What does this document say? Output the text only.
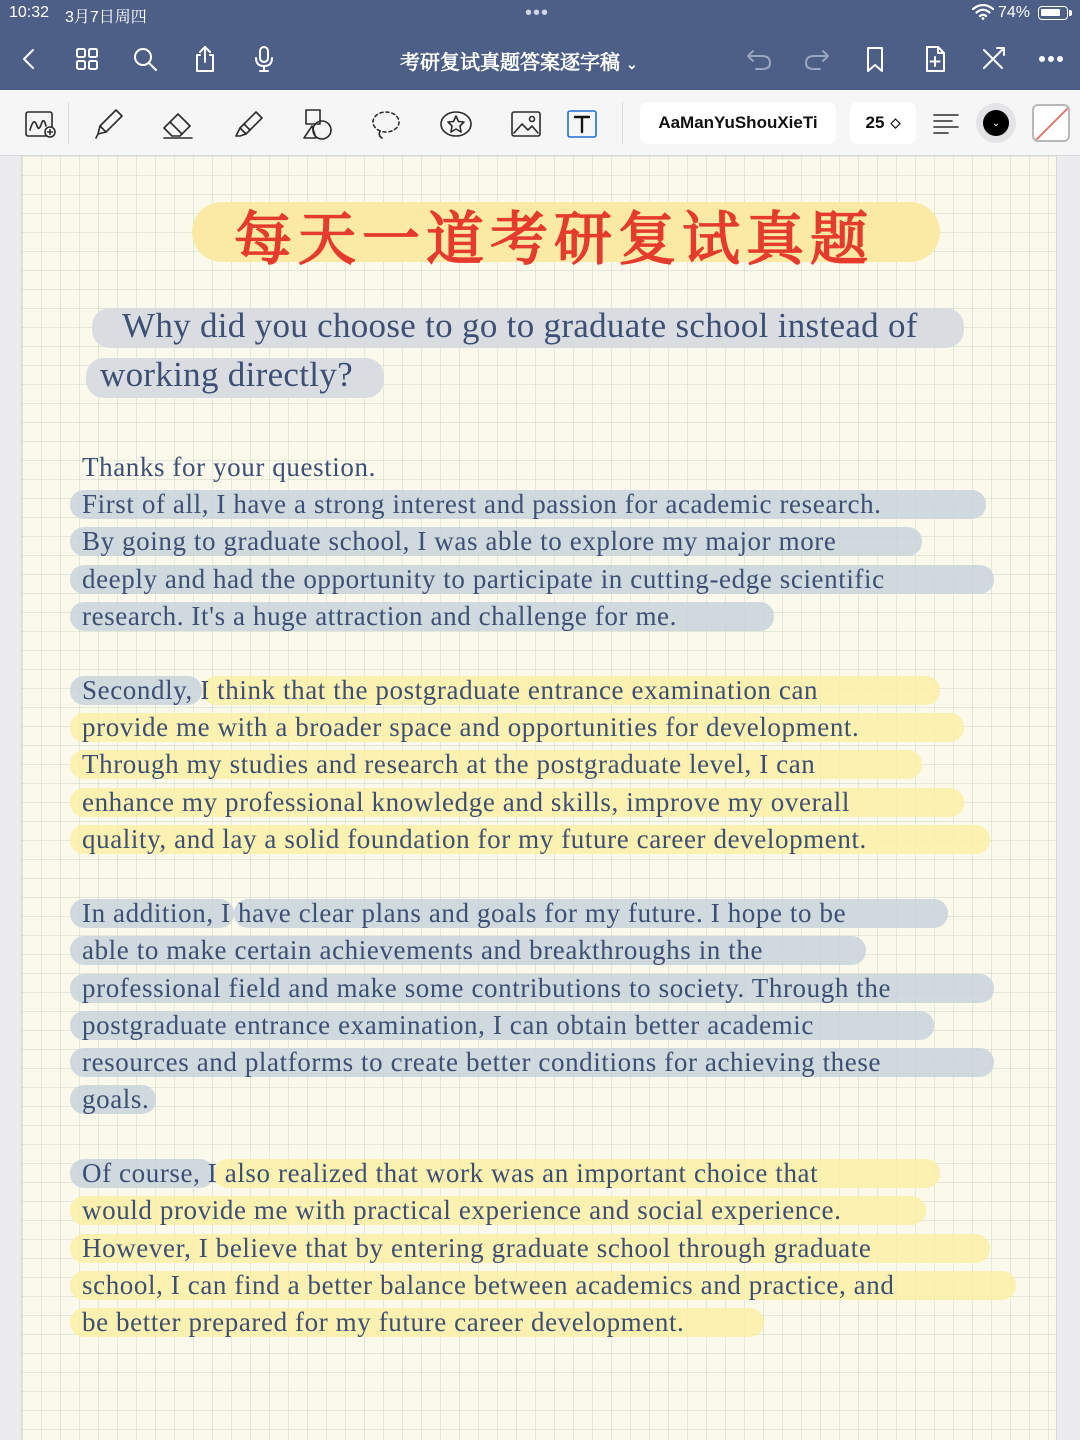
10:32 3月7日周四	•••	74%
考研复试真题答案逐字稿 ⌄
AaManYuShouXieTi	25 ◇	⌄
每天一道考研复试真题
Why did you choose to go to graduate school instead of
working directly?
Thanks for your question.
First of all, I have a strong interest and passion for academic research.
By going to graduate school, I was able to explore my major more
deeply and had the opportunity to participate in cutting-edge scientific
research. It's a huge attraction and challenge for me.
Secondly, I think that the postgraduate entrance examination can
provide me with a broader space and opportunities for development.
Through my studies and research at the postgraduate level, I can
enhance my professional knowledge and skills, improve my overall
quality, and lay a solid foundation for my future career development.
In addition, I have clear plans and goals for my future. I hope to be
able to make certain achievements and breakthroughs in the
professional field and make some contributions to society. Through the
postgraduate entrance examination, I can obtain better academic
resources and platforms to create better conditions for achieving these
goals.
Of course, I also realized that work was an important choice that
would provide me with practical experience and social experience.
However, I believe that by entering graduate school through graduate
school, I can find a better balance between academics and practice, and
be better prepared for my future career development.
